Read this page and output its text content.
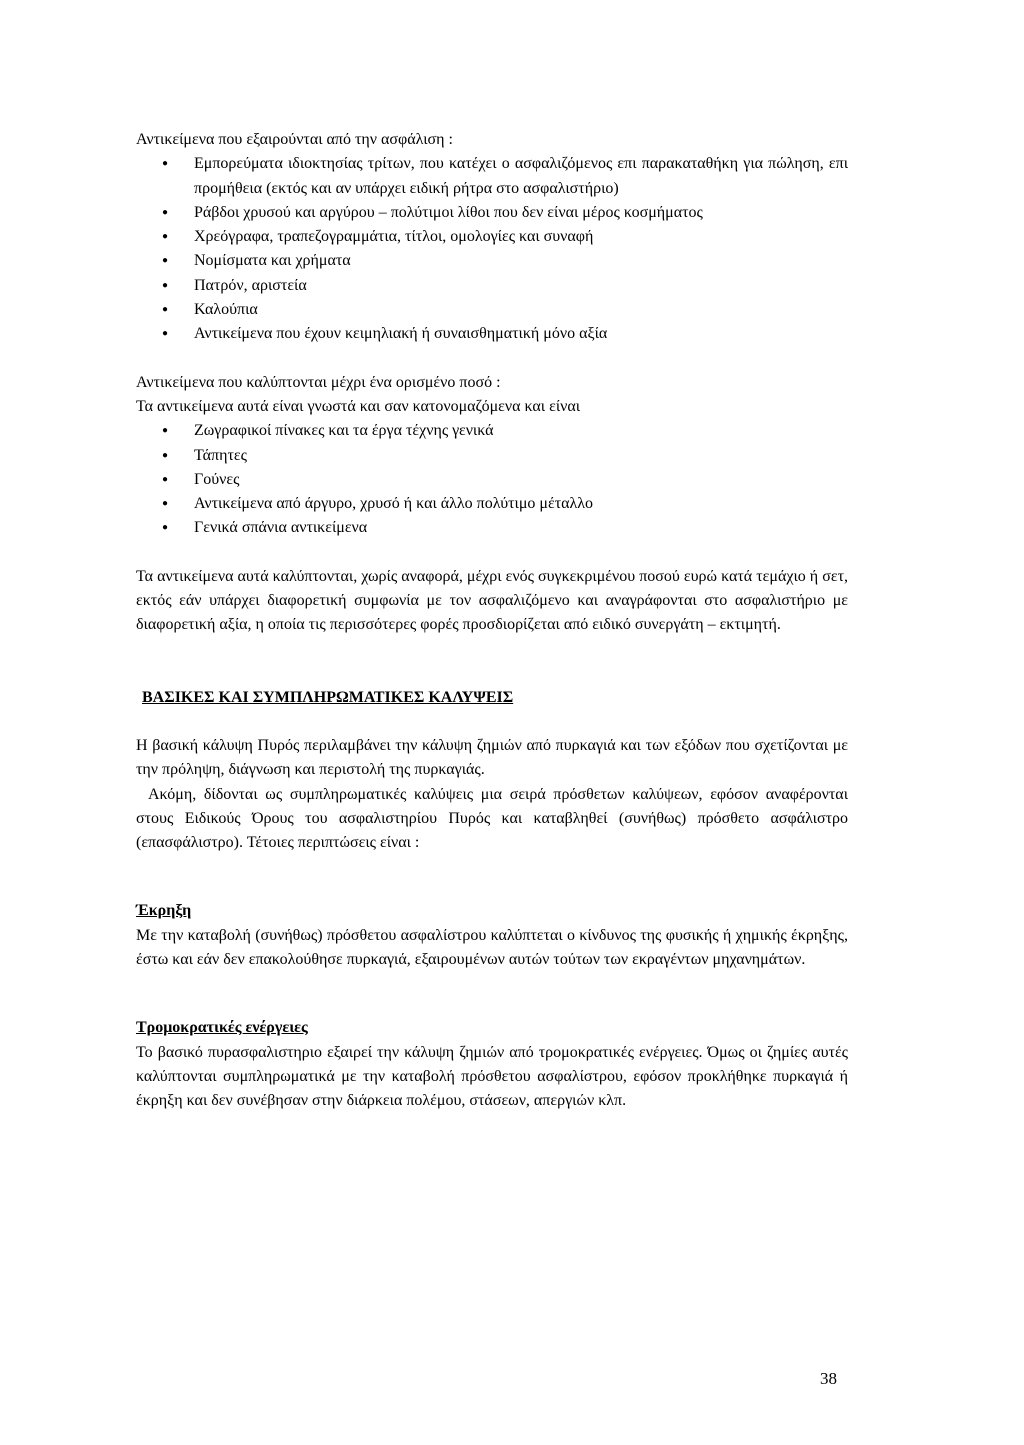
Αντικείμενα που εξαιρούνται από την ασφάλιση :

● Εμπορεύματα ιδιοκτησίας τρίτων, που κατέχει ο ασφαλιζόμενος επι παρακαταθήκη για πώληση, επι προμήθεια (εκτός και αν υπάρχει ειδική ρήτρα στο ασφαλιστήριο)
● Ράβδοι χρυσού και αργύρου – πολύτιμοι λίθοι που δεν είναι μέρος κοσμήματος
● Χρεόγραφα, τραπεζογραμμάτια, τίτλοι, ομολογίες και συναφή
● Νομίσματα και χρήματα
● Πατρόν, αριστεία
● Καλούπια
● Αντικείμενα που έχουν κειμηλιακή ή συναισθηματική μόνο αξία

Αντικείμενα που καλύπτονται μέχρι ένα ορισμένο ποσό :

Τα αντικείμενα αυτά είναι γνωστά και σαν κατονομαζόμενα και είναι

● Ζωγραφικοί πίνακες και τα έργα τέχνης γενικά
● Τάπητες
● Γούνες
● Αντικείμενα από άργυρο, χρυσό ή και άλλο πολύτιμο μέταλλο
● Γενικά σπάνια αντικείμενα

Τα αντικείμενα αυτά καλύπτονται, χωρίς αναφορά, μέχρι ενός συγκεκριμένου ποσού ευρώ κατά τεμάχιο ή σετ, εκτός εάν υπάρχει διαφορετική συμφωνία με τον ασφαλιζόμενο και αναγράφονται στο ασφαλιστήριο με διαφορετική αξία, η οποία τις περισσότερες φορές προσδιορίζεται από ειδικό συνεργάτη – εκτιμητή.

ΒΑΣΙΚΕΣ ΚΑΙ ΣΥΜΠΛΗΡΩΜΑΤΙΚΕΣ ΚΑΛΥΨΕΙΣ

Η βασική κάλυψη Πυρός περιλαμβάνει την κάλυψη ζημιών από πυρκαγιά και των εξόδων που σχετίζονται με την πρόληψη, διάγνωση και περιστολή της πυρκαγιάς.

Ακόμη, δίδονται ως συμπληρωματικές καλύψεις μια σειρά πρόσθετων καλύψεων, εφόσον αναφέρονται στους Ειδικούς Όρους του ασφαλιστηρίου Πυρός και καταβληθεί (συνήθως) πρόσθετο ασφάλιστρο (επασφάλιστρο). Τέτοιες περιπτώσεις είναι :

Έκρηξη

Με την καταβολή (συνήθως) πρόσθετου ασφαλίστρου καλύπτεται ο κίνδυνος της φυσικής ή χημικής έκρηξης, έστω και εάν δεν επακολούθησε πυρκαγιά, εξαιρουμένων αυτών τούτων των εκραγέντων μηχανημάτων.

Τρομοκρατικές ενέργειες

Το βασικό πυρασφαλιστηριο εξαιρεί την κάλυψη ζημιών από τρομοκρατικές ενέργειες. Όμως οι ζημίες αυτές καλύπτονται συμπληρωματικά με την καταβολή πρόσθετου ασφαλίστρου, εφόσον προκλήθηκε πυρκαγιά ή έκρηξη και δεν συνέβησαν στην διάρκεια πολέμου, στάσεων, απεργιών κλπ.

38
